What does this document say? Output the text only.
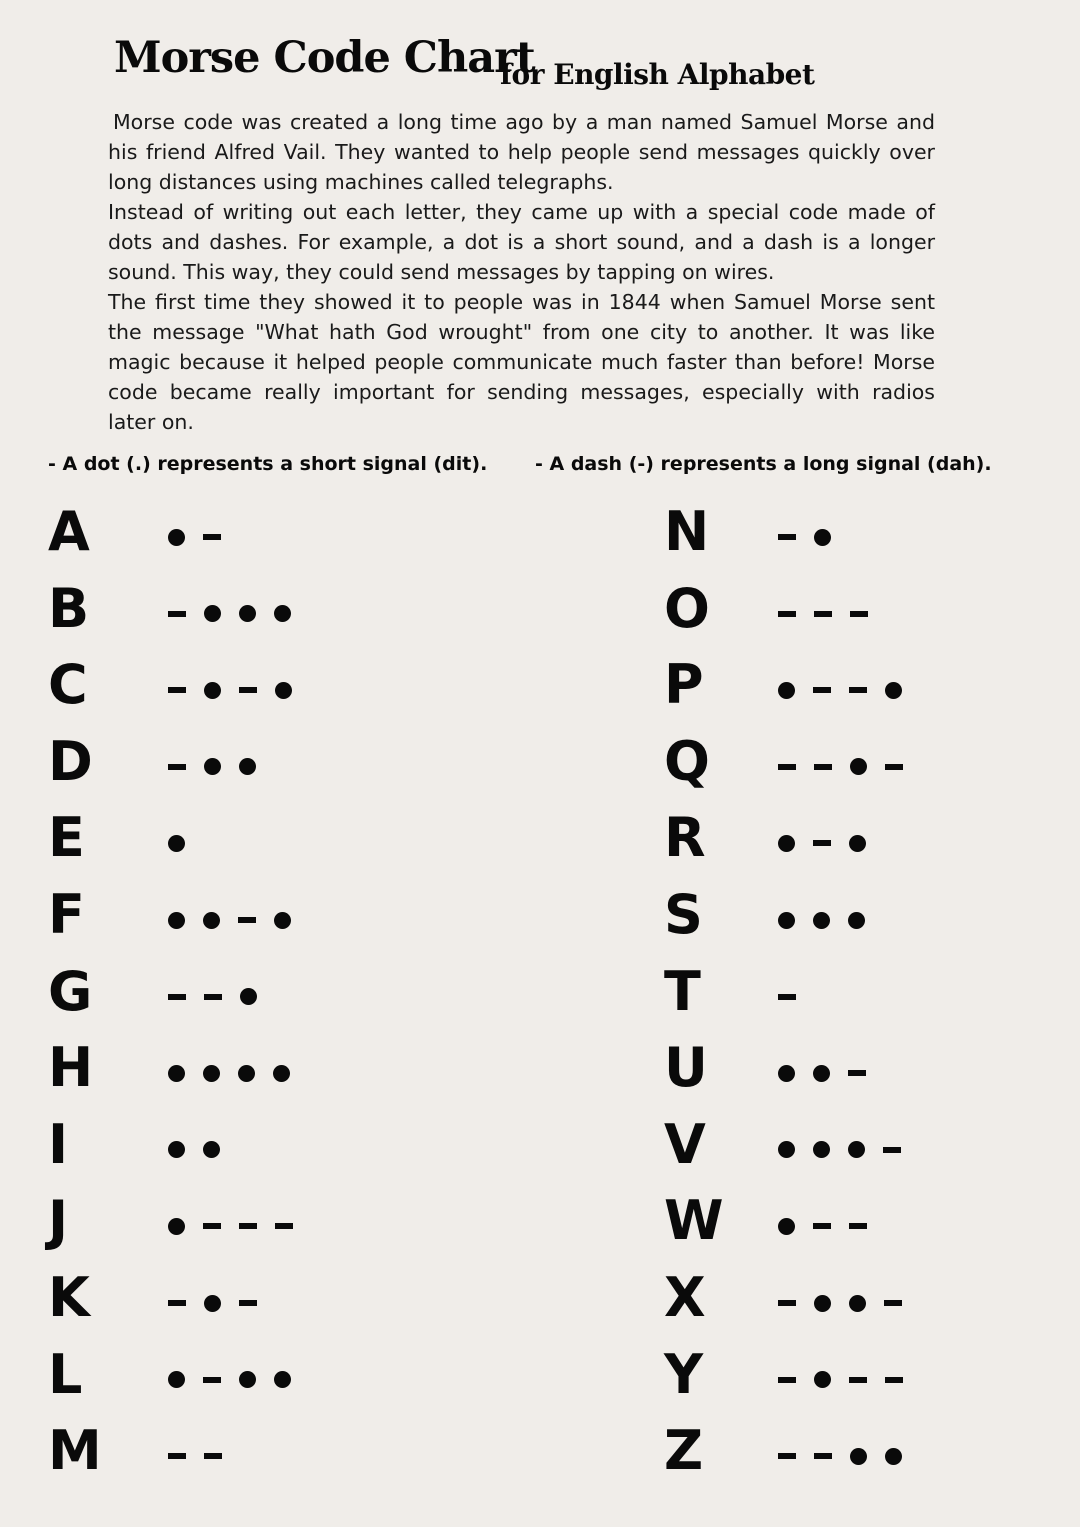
Morse Code Chart
for English Alphabet

Morse code was created a long time ago by a man named Samuel Morse and his friend Alfred Vail. They wanted to help people send messages quickly over long distances using machines called telegraphs.

Instead of writing out each letter, they came up with a special code made of dots and dashes. For example, a dot is a short sound, and a dash is a longer sound. This way, they could send messages by tapping on wires.

The first time they showed it to people was in 1844 when Samuel Morse sent the message "What hath God wrought" from one city to another. It was like magic because it helped people communicate much faster than before! Morse code became really important for sending messages, especially with radios later on.

- A dot (.) represents a short signal (dit).	- A dash (-) represents a long signal (dah).
A
B
C
D
E
F
G
H
I
J
K
L
M
N
O
P
Q
R
S
T
U
V
W
X
Y
Z
